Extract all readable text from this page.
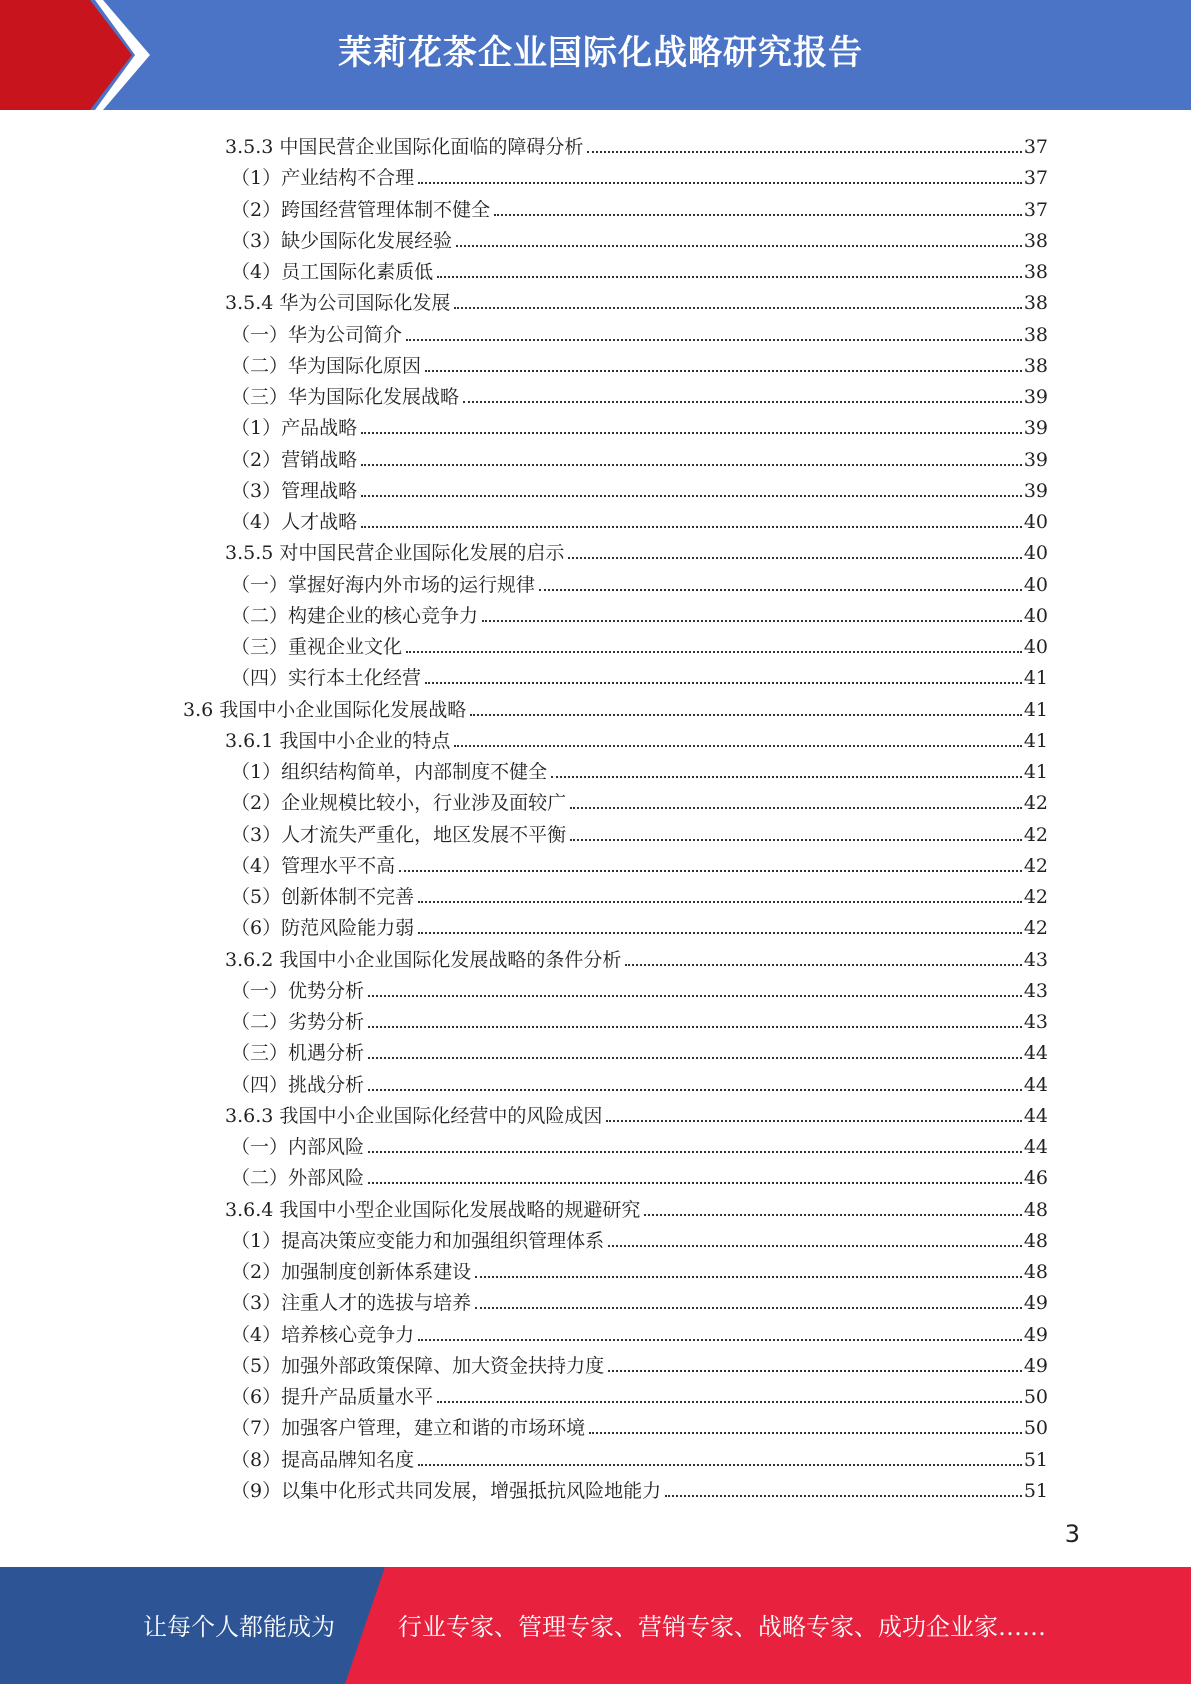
茉莉花茶企业国际化战略研究报告
3.5.3 中国民营企业国际化面临的障碍分析	37
（1）产业结构不合理	37
（2）跨国经营管理体制不健全	37
（3）缺少国际化发展经验	38
（4）员工国际化素质低	38
3.5.4 华为公司国际化发展	38
（一）华为公司简介	38
（二）华为国际化原因	38
（三）华为国际化发展战略	39
（1）产品战略	39
（2）营销战略	39
（3）管理战略	39
（4）人才战略	40
3.5.5 对中国民营企业国际化发展的启示	40
（一）掌握好海内外市场的运行规律	40
（二）构建企业的核心竞争力	40
（三）重视企业文化	40
（四）实行本土化经营	41
3.6 我国中小企业国际化发展战略	41
3.6.1 我国中小企业的特点	41
（1）组织结构简单，内部制度不健全	41
（2）企业规模比较小，行业涉及面较广	42
（3）人才流失严重化，地区发展不平衡	42
（4）管理水平不高	42
（5）创新体制不完善	42
（6）防范风险能力弱	42
3.6.2 我国中小企业国际化发展战略的条件分析	43
（一）优势分析	43
（二）劣势分析	43
（三）机遇分析	44
（四）挑战分析	44
3.6.3 我国中小企业国际化经营中的风险成因	44
（一）内部风险	44
（二）外部风险	46
3.6.4 我国中小型企业国际化发展战略的规避研究	48
（1）提高决策应变能力和加强组织管理体系	48
（2）加强制度创新体系建设	48
（3）注重人才的选拔与培养	49
（4）培养核心竞争力	49
（5）加强外部政策保障、加大资金扶持力度	49
（6）提升产品质量水平	50
（7）加强客户管理，建立和谐的市场环境	50
（8）提高品牌知名度	51
（9）以集中化形式共同发展，增强抵抗风险地能力	51
3
让每个人都能成为	行业专家、管理专家、营销专家、战略专家、成功企业家……
